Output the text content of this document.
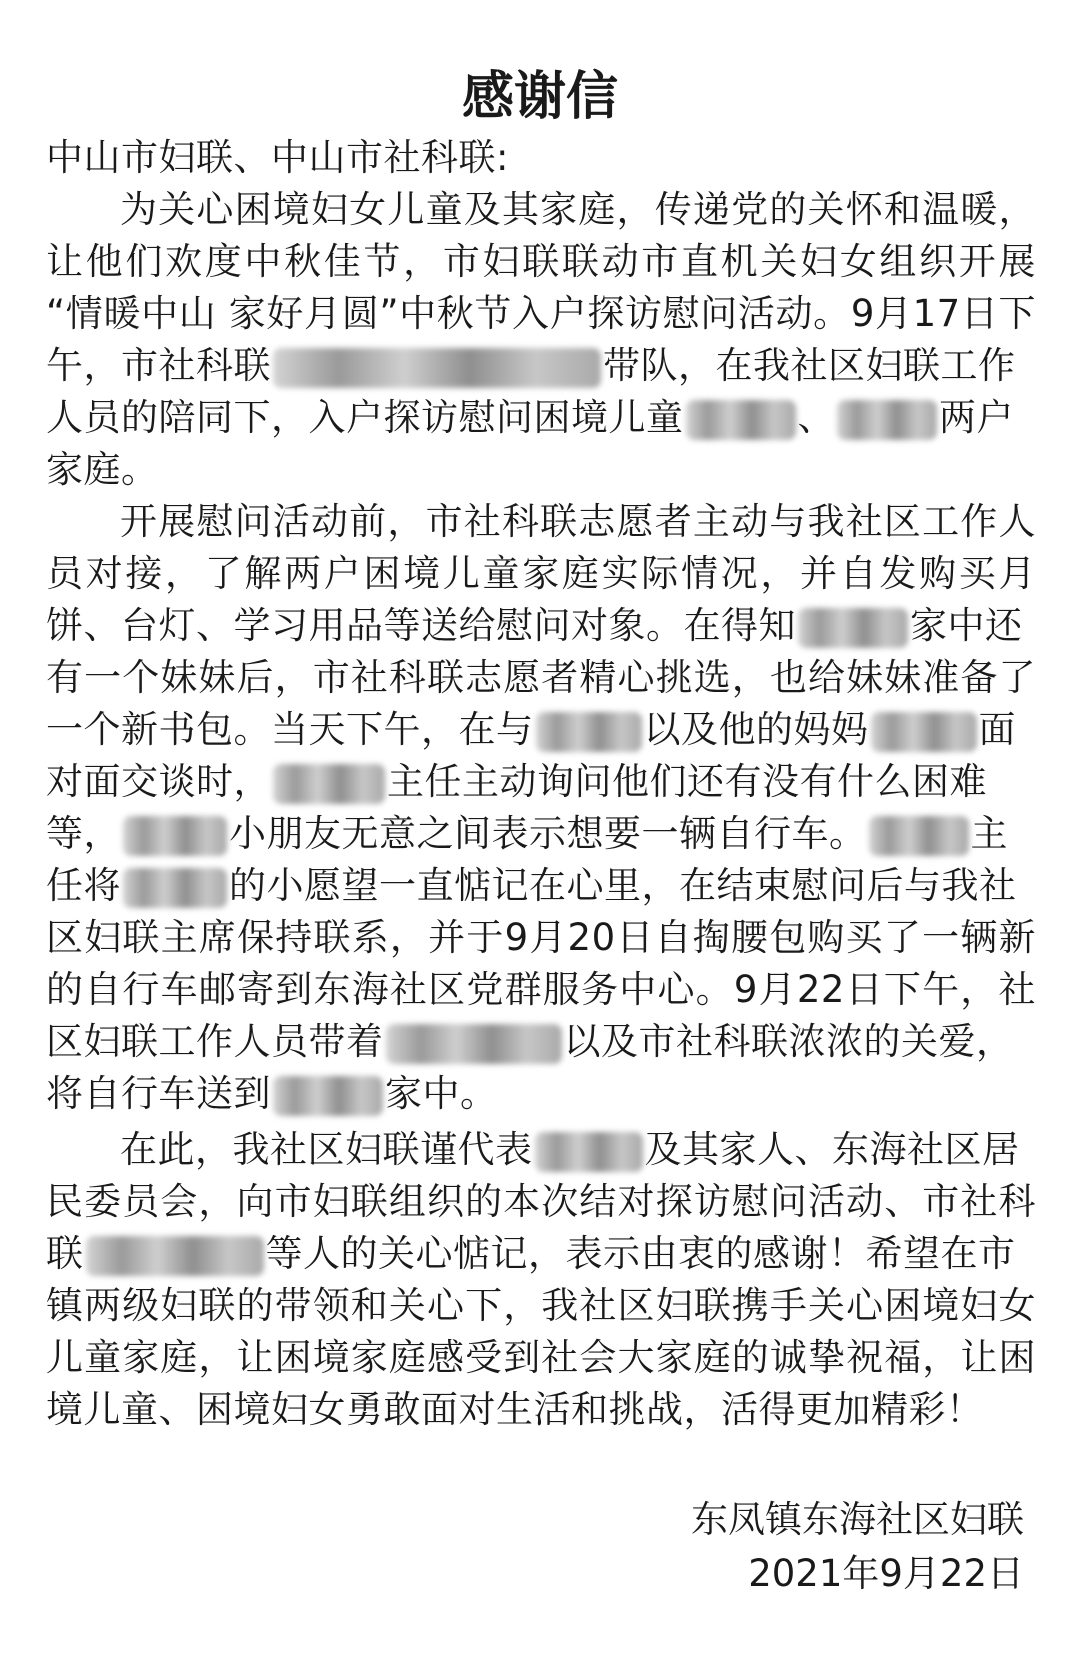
感谢信
中山市妇联、中山市社科联:
为关心困境妇女儿童及其家庭，传递党的关怀和温暖，
让他们欢度中秋佳节，市妇联联动市直机关妇女组织开展
“情暖中山 家好月圆”中秋节入户探访慰问活动。9月17日下
午，市社科联	带队，在我社区妇联工作
人员的陪同下，入户探访慰问困境儿童	、	两户
家庭。
开展慰问活动前，市社科联志愿者主动与我社区工作人
员对接，了解两户困境儿童家庭实际情况，并自发购买月
饼、台灯、学习用品等送给慰问对象。在得知	家中还
有一个妹妹后，市社科联志愿者精心挑选，也给妹妹准备了
一个新书包。当天下午，在与	以及他的妈妈	面
对面交谈时，	主任主动询问他们还有没有什么困难
等，	小朋友无意之间表示想要一辆自行车。	主
任将	的小愿望一直惦记在心里，在结束慰问后与我社
区妇联主席保持联系，并于9月20日自掏腰包购买了一辆新
的自行车邮寄到东海社区党群服务中心。9月22日下午，社
区妇联工作人员带着	以及市社科联浓浓的关爱，
将自行车送到	家中。
在此，我社区妇联谨代表	及其家人、东海社区居
民委员会，向市妇联组织的本次结对探访慰问活动、市社科
联	等人的关心惦记，表示由衷的感谢！希望在市
镇两级妇联的带领和关心下，我社区妇联携手关心困境妇女
儿童家庭，让困境家庭感受到社会大家庭的诚挚祝福，让困
境儿童、困境妇女勇敢面对生活和挑战，活得更加精彩！
东凤镇东海社区妇联
2021年9月22日
